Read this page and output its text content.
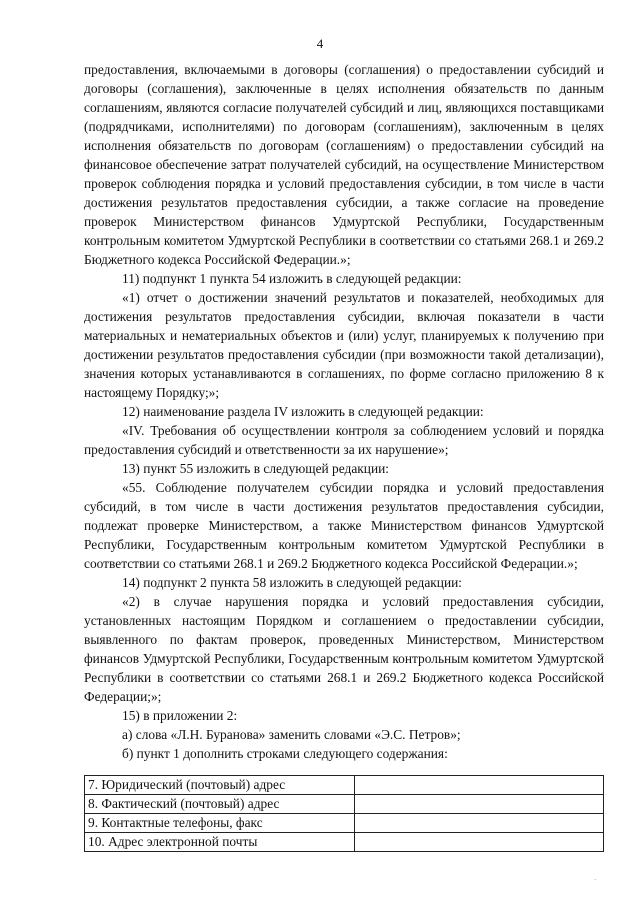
4

предоставления, включаемыми в договоры (соглашения) о предоставлении субсидий и договоры (соглашения), заключенные в целях исполнения обязательств по данным соглашениям, являются согласие получателей субсидий и лиц, являющихся поставщиками (подрядчиками, исполнителями) по договорам (соглашениям), заключенным в целях исполнения обязательств по договорам (соглашениям) о предоставлении субсидий на финансовое обеспечение затрат получателей субсидий, на осуществление Министерством проверок соблюдения порядка и условий предоставления субсидии, в том числе в части достижения результатов предоставления субсидии, а также согласие на проведение проверок Министерством финансов Удмуртской Республики, Государственным контрольным комитетом Удмуртской Республики в соответствии со статьями 268.1 и 269.2 Бюджетного кодекса Российской Федерации.»;

11) подпункт 1 пункта 54 изложить в следующей редакции:

«1) отчет о достижении значений результатов и показателей, необходимых для достижения результатов предоставления субсидии, включая показатели в части материальных и нематериальных объектов и (или) услуг, планируемых к получению при достижении результатов предоставления субсидии (при возможности такой детализации), значения которых устанавливаются в соглашениях, по форме согласно приложению 8 к настоящему Порядку;»;

12) наименование раздела IV изложить в следующей редакции:

«IV. Требования об осуществлении контроля за соблюдением условий и порядка предоставления субсидий и ответственности за их нарушение»;

13) пункт 55 изложить в следующей редакции:

«55. Соблюдение получателем субсидии порядка и условий предоставления субсидий, в том числе в части достижения результатов предоставления субсидии, подлежат проверке Министерством, а также Министерством финансов Удмуртской Республики, Государственным контрольным комитетом Удмуртской Республики в соответствии со статьями 268.1 и 269.2 Бюджетного кодекса Российской Федерации.»;

14) подпункт 2 пункта 58 изложить в следующей редакции:

«2) в случае нарушения порядка и условий предоставления субсидии, установленных настоящим Порядком и соглашением о предоставлении субсидии, выявленного по фактам проверок, проведенных Министерством, Министерством финансов Удмуртской Республики, Государственным контрольным комитетом Удмуртской Республики в соответствии со статьями 268.1 и 269.2 Бюджетного кодекса Российской Федерации;»;

15) в приложении 2:

а) слова «Л.Н. Буранова» заменить словами «Э.С. Петров»;

б) пункт 1 дополнить строками следующего содержания:

7. Юридический (почтовый) адрес	
8. Фактический (почтовый) адрес	
9. Контактные телефоны, факс	
10. Адрес электронной почты	
·
